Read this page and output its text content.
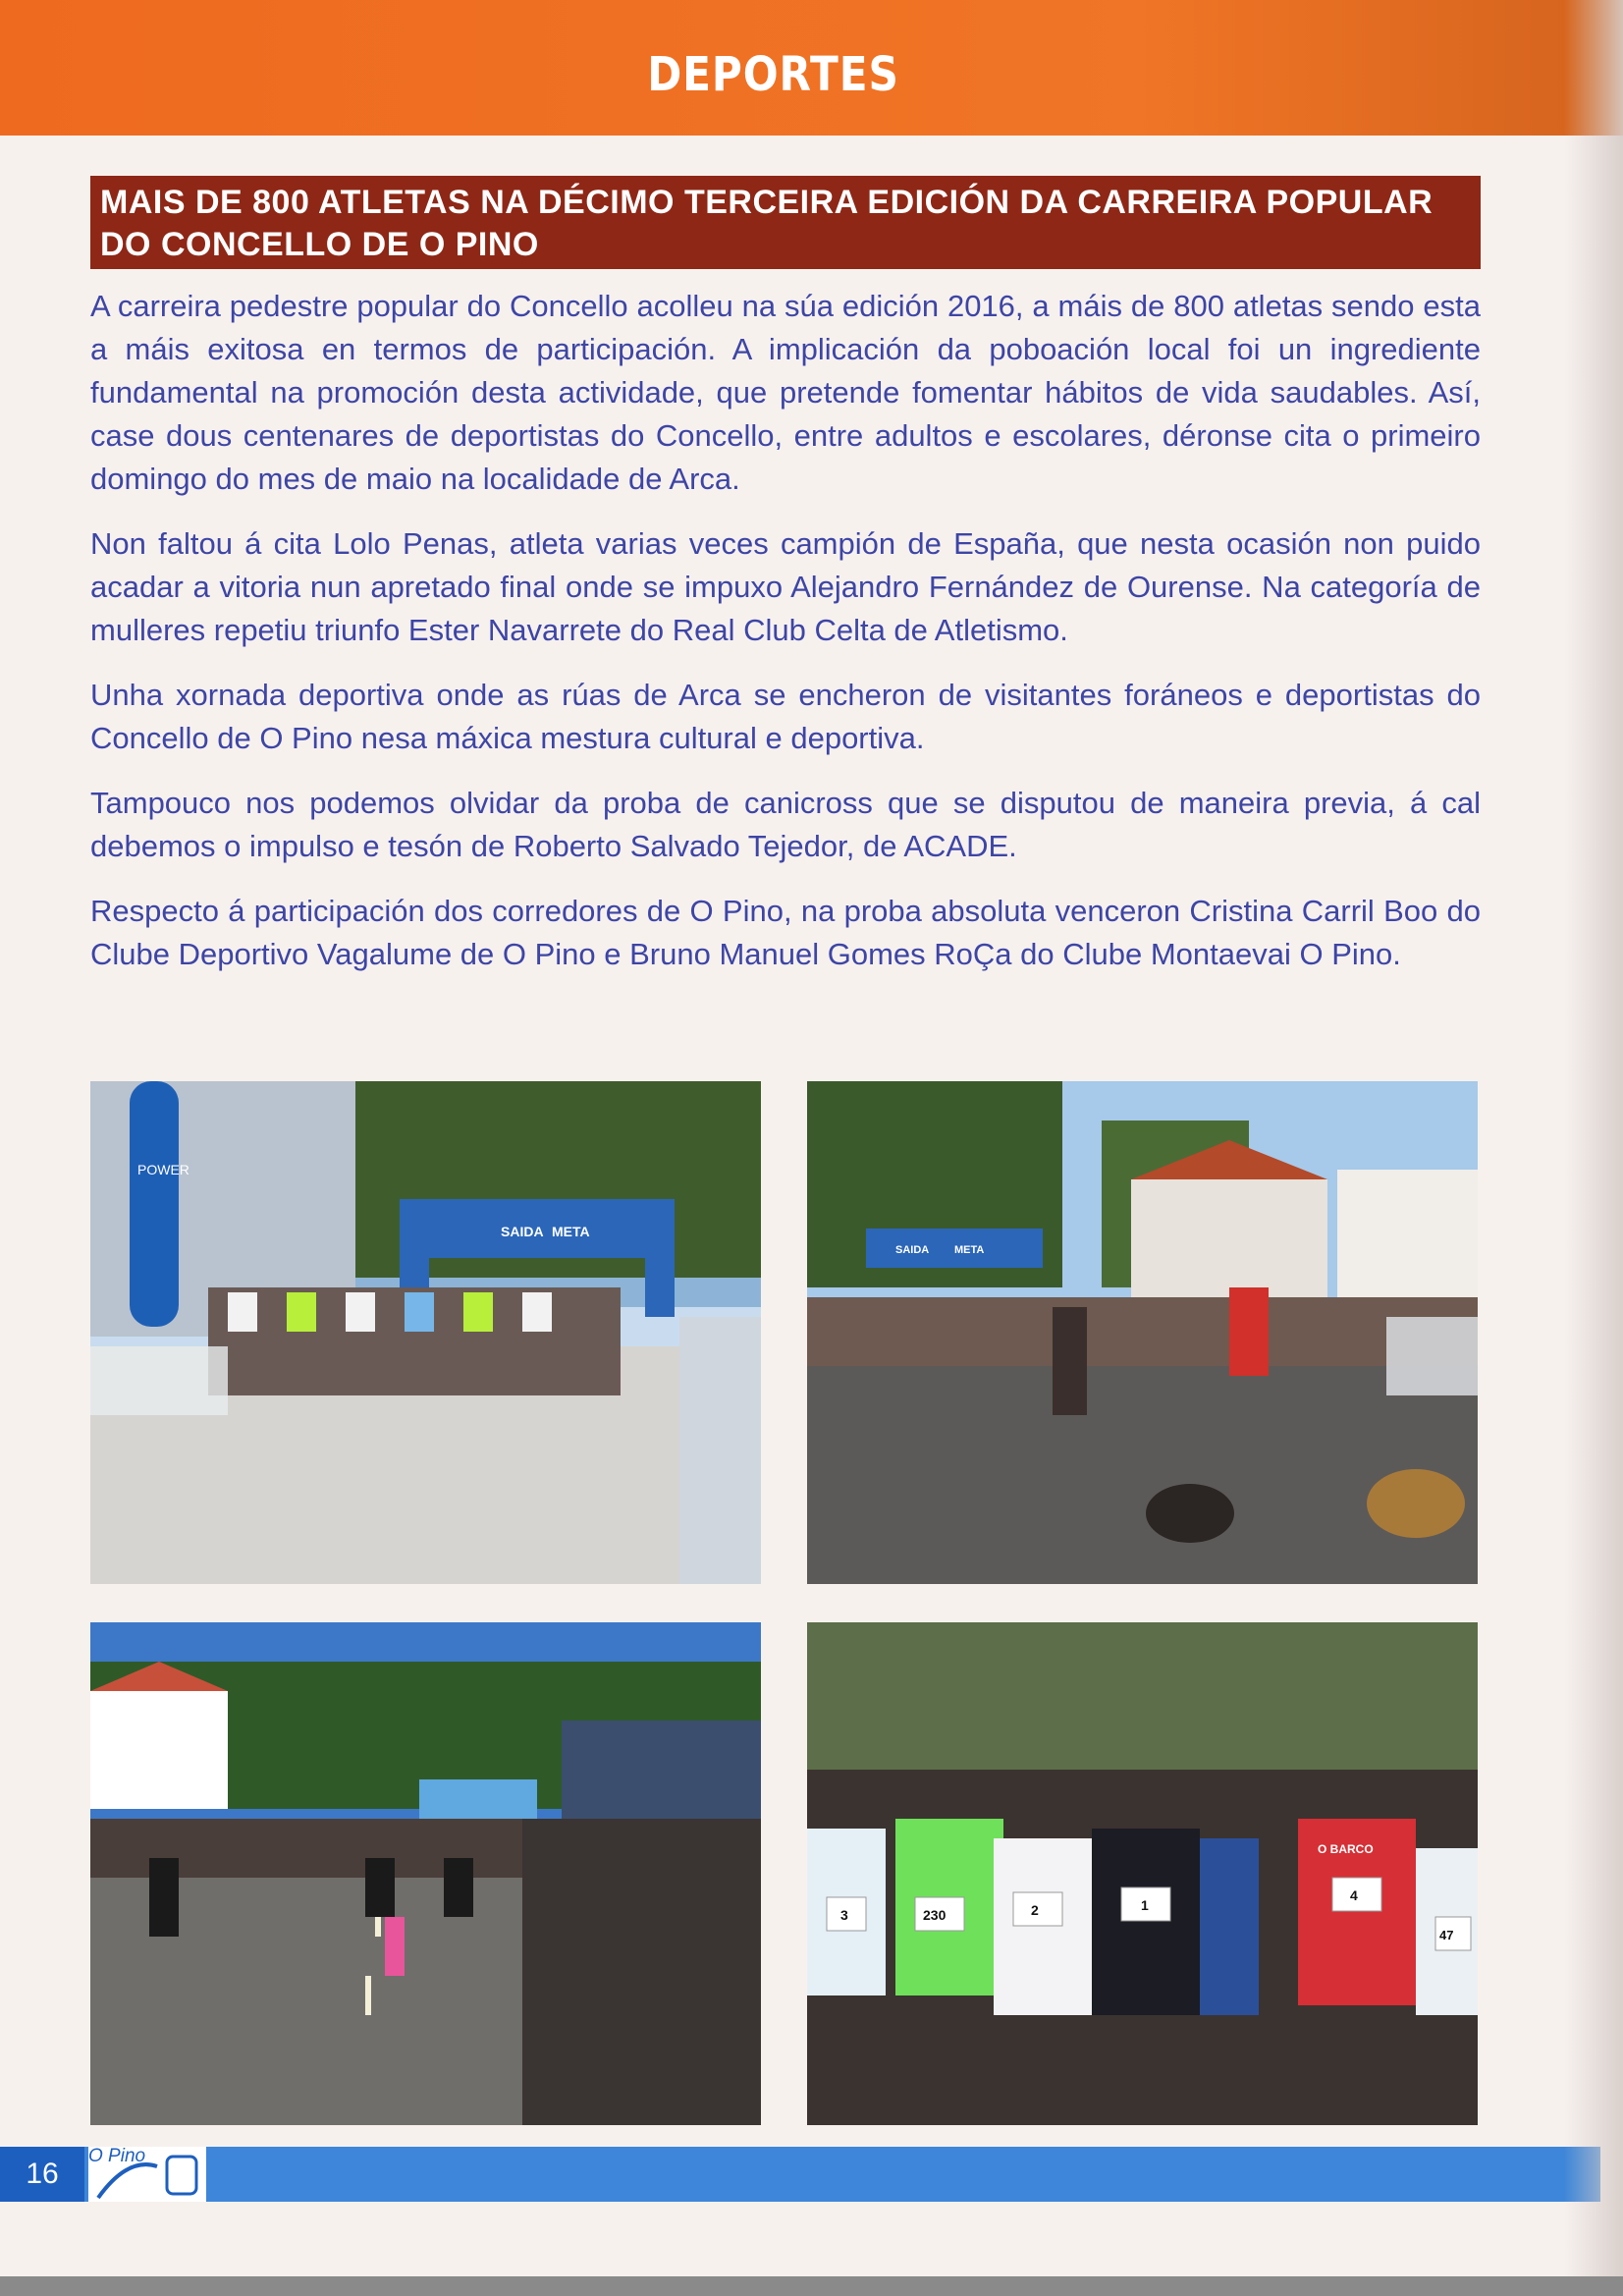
DEPORTES
MAIS DE 800 ATLETAS NA DÉCIMO TERCEIRA EDICIÓN DA CARREIRA POPULAR DO CONCELLO DE O PINO

A carreira pedestre popular do Concello acolleu na súa edición 2016, a máis de 800 atletas sendo esta a máis exitosa en termos de participación. A implicación da poboación local foi un ingrediente fundamental na promoción desta actividade, que pretende fomentar hábitos de vida saudables. Así, case dous centenares de deportistas do Concello, entre adultos e escolares, déronse cita o primeiro domingo do mes de maio na localidade de Arca.

Non faltou á cita Lolo Penas, atleta varias veces campión de España, que nesta ocasión non puido acadar a vitoria nun apretado final onde se impuxo Alejandro Fernández de Ourense. Na categoría de mulleres repetiu triunfo Ester Navarrete do Real Club Celta de Atletismo.

Unha xornada deportiva onde as rúas de Arca se encheron de visitantes foráneos e deportistas do Concello de O Pino nesa máxica mestura cultural e deportiva.

Tampouco nos podemos olvidar da proba de canicross que se disputou de maneira previa, á cal debemos o impulso e tesón de Roberto Salvado Tejedor, de ACADE.

Respecto á participación dos corredores de O Pino, na proba absoluta venceron Cristina Carril Boo do Clube Deportivo Vagalume de O Pino e Bruno Manuel Gomes RoÇa do Clube Montaevai O Pino.

POWER
SAIDA META
SAIDA META
3	230	2	1
O BARCO
4
47
16
O Pino
